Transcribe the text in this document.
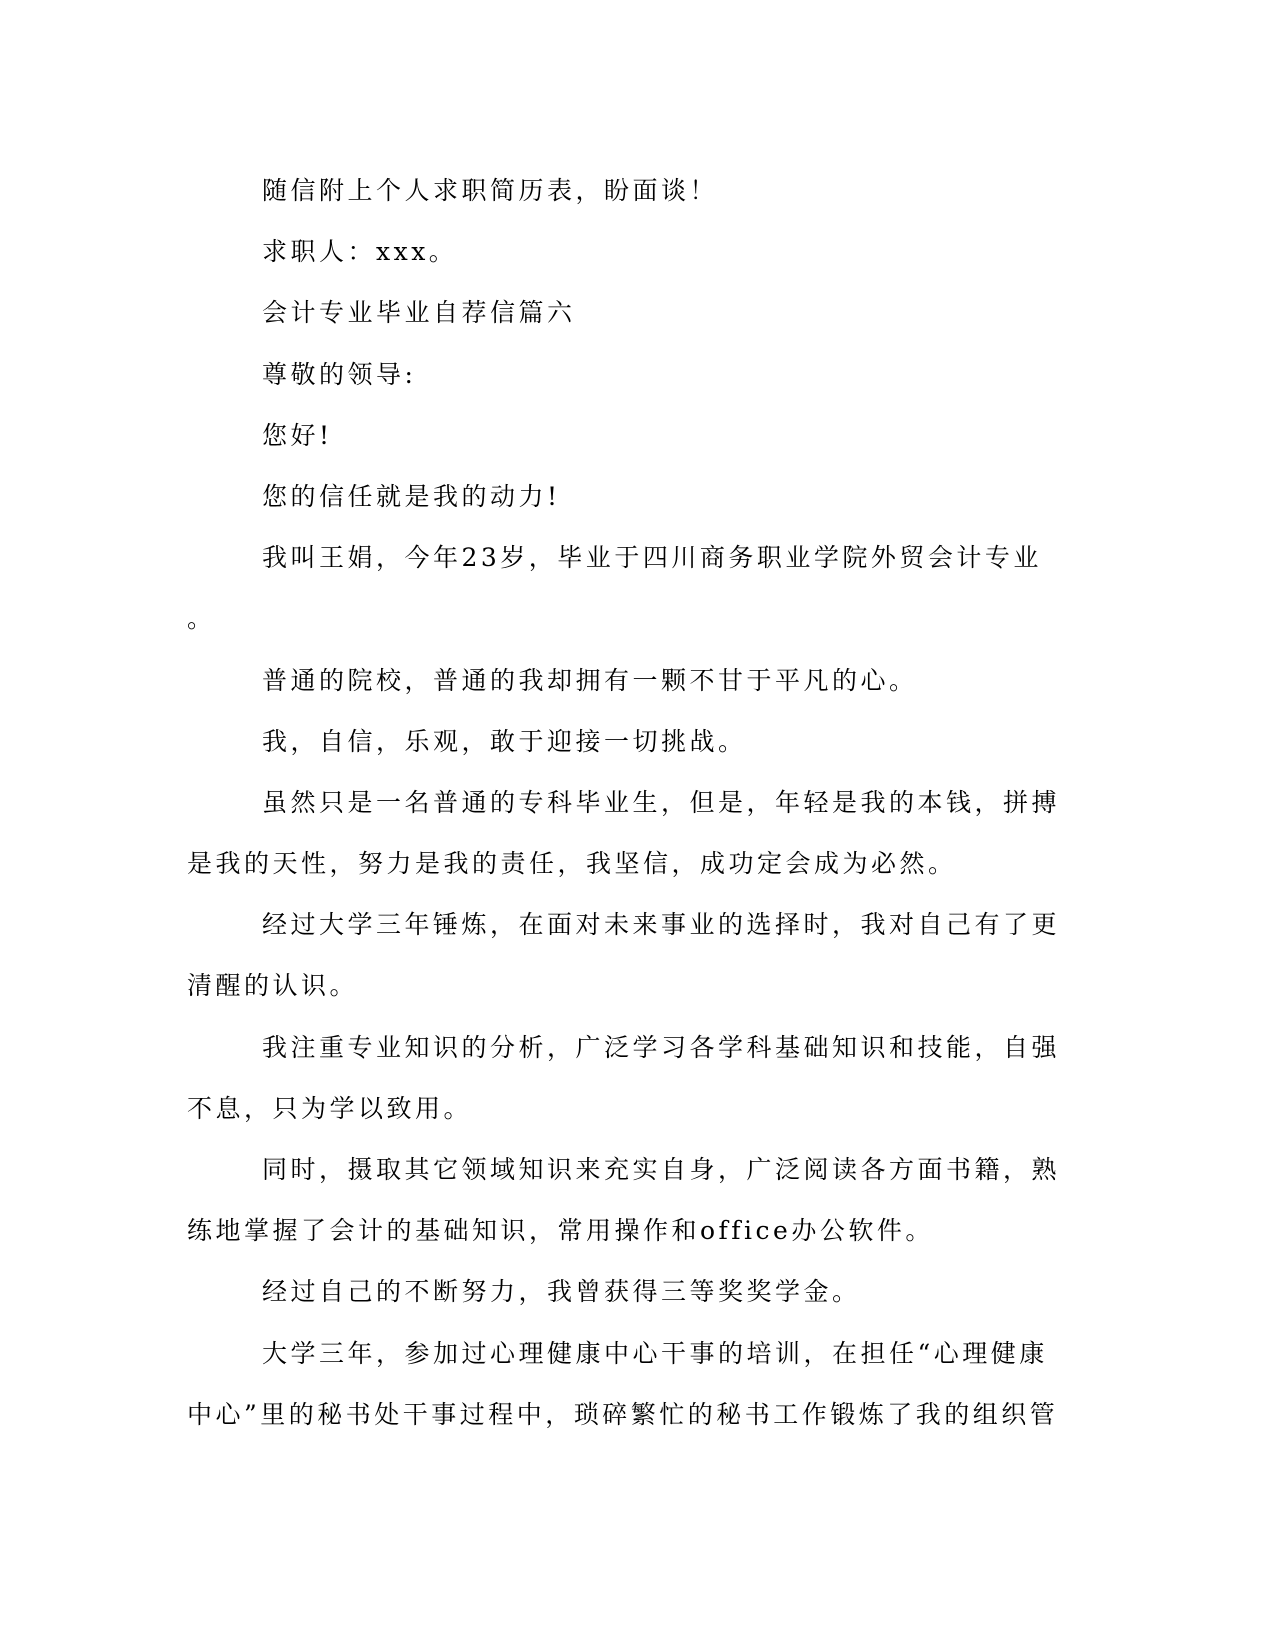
随信附上个人求职简历表，盼面谈！

求职人：xxx。

会计专业毕业自荐信篇六

尊敬的领导:

您好!

您的信任就是我的动力!

我叫王娟，今年23岁，毕业于四川商务职业学院外贸会计专业

。

普通的院校，普通的我却拥有一颗不甘于平凡的心。

我，自信，乐观，敢于迎接一切挑战。

虽然只是一名普通的专科毕业生，但是，年轻是我的本钱，拼搏

是我的天性，努力是我的责任，我坚信，成功定会成为必然。

经过大学三年锤炼，在面对未来事业的选择时，我对自己有了更

清醒的认识。

我注重专业知识的分析，广泛学习各学科基础知识和技能，自强

不息，只为学以致用。

同时，摄取其它领域知识来充实自身，广泛阅读各方面书籍，熟

练地掌握了会计的基础知识，常用操作和office办公软件。

经过自己的不断努力，我曾获得三等奖奖学金。

大学三年，参加过心理健康中心干事的培训，在担任“心理健康

中心”里的秘书处干事过程中，琐碎繁忙的秘书工作锻炼了我的组织管
